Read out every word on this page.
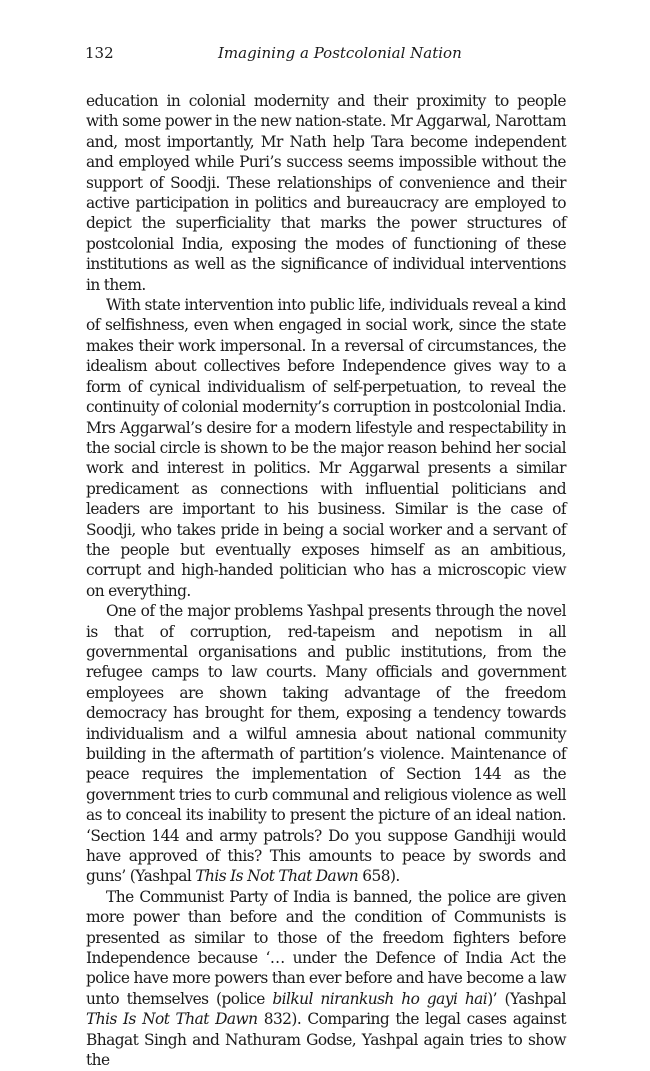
132	Imagining a Postcolonial Nation

education in colonial modernity and their proximity to people with some power in the new nation-state. Mr Aggarwal, Narottam and, most importantly, Mr Nath help Tara become independent and employed while Puri’s success seems impossible without the support of Soodji. These relationships of convenience and their active participation in politics and bureaucracy are employed to depict the superficiality that marks the power structures of postcolonial India, exposing the modes of functioning of these institutions as well as the significance of individual interventions in them.

With state intervention into public life, individuals reveal a kind of selfishness, even when engaged in social work, since the state makes their work impersonal. In a reversal of circumstances, the idealism about collectives before Independence gives way to a form of cynical individualism of self-perpetuation, to reveal the continuity of colonial modernity’s corruption in postcolonial India. Mrs Aggarwal’s desire for a modern lifestyle and respectability in the social circle is shown to be the major reason behind her social work and interest in politics. Mr Aggarwal presents a similar predicament as connections with influential politicians and leaders are important to his business. Similar is the case of Soodji, who takes pride in being a social worker and a servant of the people but eventually exposes himself as an ambitious, corrupt and high-handed politician who has a microscopic view on everything.

One of the major problems Yashpal presents through the novel is that of corruption, red-tapeism and nepotism in all governmental organisations and public institutions, from the refugee camps to law courts. Many officials and government employees are shown taking advantage of the freedom democracy has brought for them, exposing a tendency towards individualism and a wilful amnesia about national community building in the aftermath of partition’s violence. Maintenance of peace requires the implementation of Section 144 as the government tries to curb communal and religious violence as well as to conceal its inability to present the picture of an ideal nation. ‘Section 144 and army patrols? Do you suppose Gandhiji would have approved of this? This amounts to peace by swords and guns’ (Yashpal This Is Not That Dawn 658).

The Communist Party of India is banned, the police are given more power than before and the condition of Communists is presented as similar to those of the freedom fighters before Independence because ‘… under the Defence of India Act the police have more powers than ever before and have become a law unto themselves (police bilkul nirankush ho gayi hai)’ (Yashpal This Is Not That Dawn 832). Comparing the legal cases against Bhagat Singh and Nathuram Godse, Yashpal again tries to show the
